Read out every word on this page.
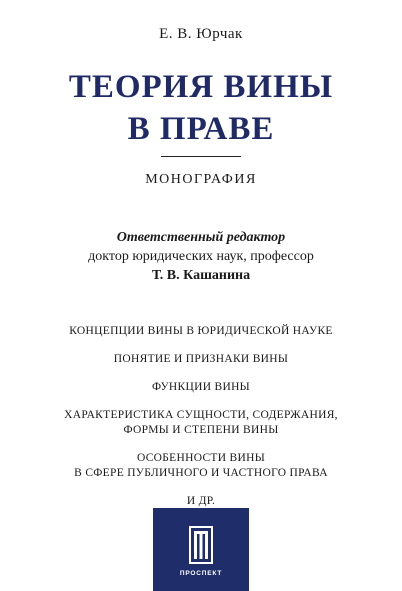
Е. В. Юрчак
ТЕОРИЯ ВИНЫ
В ПРАВЕ
МОНОГРАФИЯ
Ответственный редактор
доктор юридических наук, профессор
Т. В. Кашанина
КОНЦЕПЦИИ ВИНЫ В ЮРИДИЧЕСКОЙ НАУКЕ
ПОНЯТИЕ И ПРИЗНАКИ ВИНЫ
ФУНКЦИИ ВИНЫ
ХАРАКТЕРИСТИКА СУЩНОСТИ, СОДЕРЖАНИЯ,
ФОРМЫ И СТЕПЕНИ ВИНЫ
ОСОБЕННОСТИ ВИНЫ
В СФЕРЕ ПУБЛИЧНОГО И ЧАСТНОГО ПРАВА
И ДР.
ПРОСПЕКТ
